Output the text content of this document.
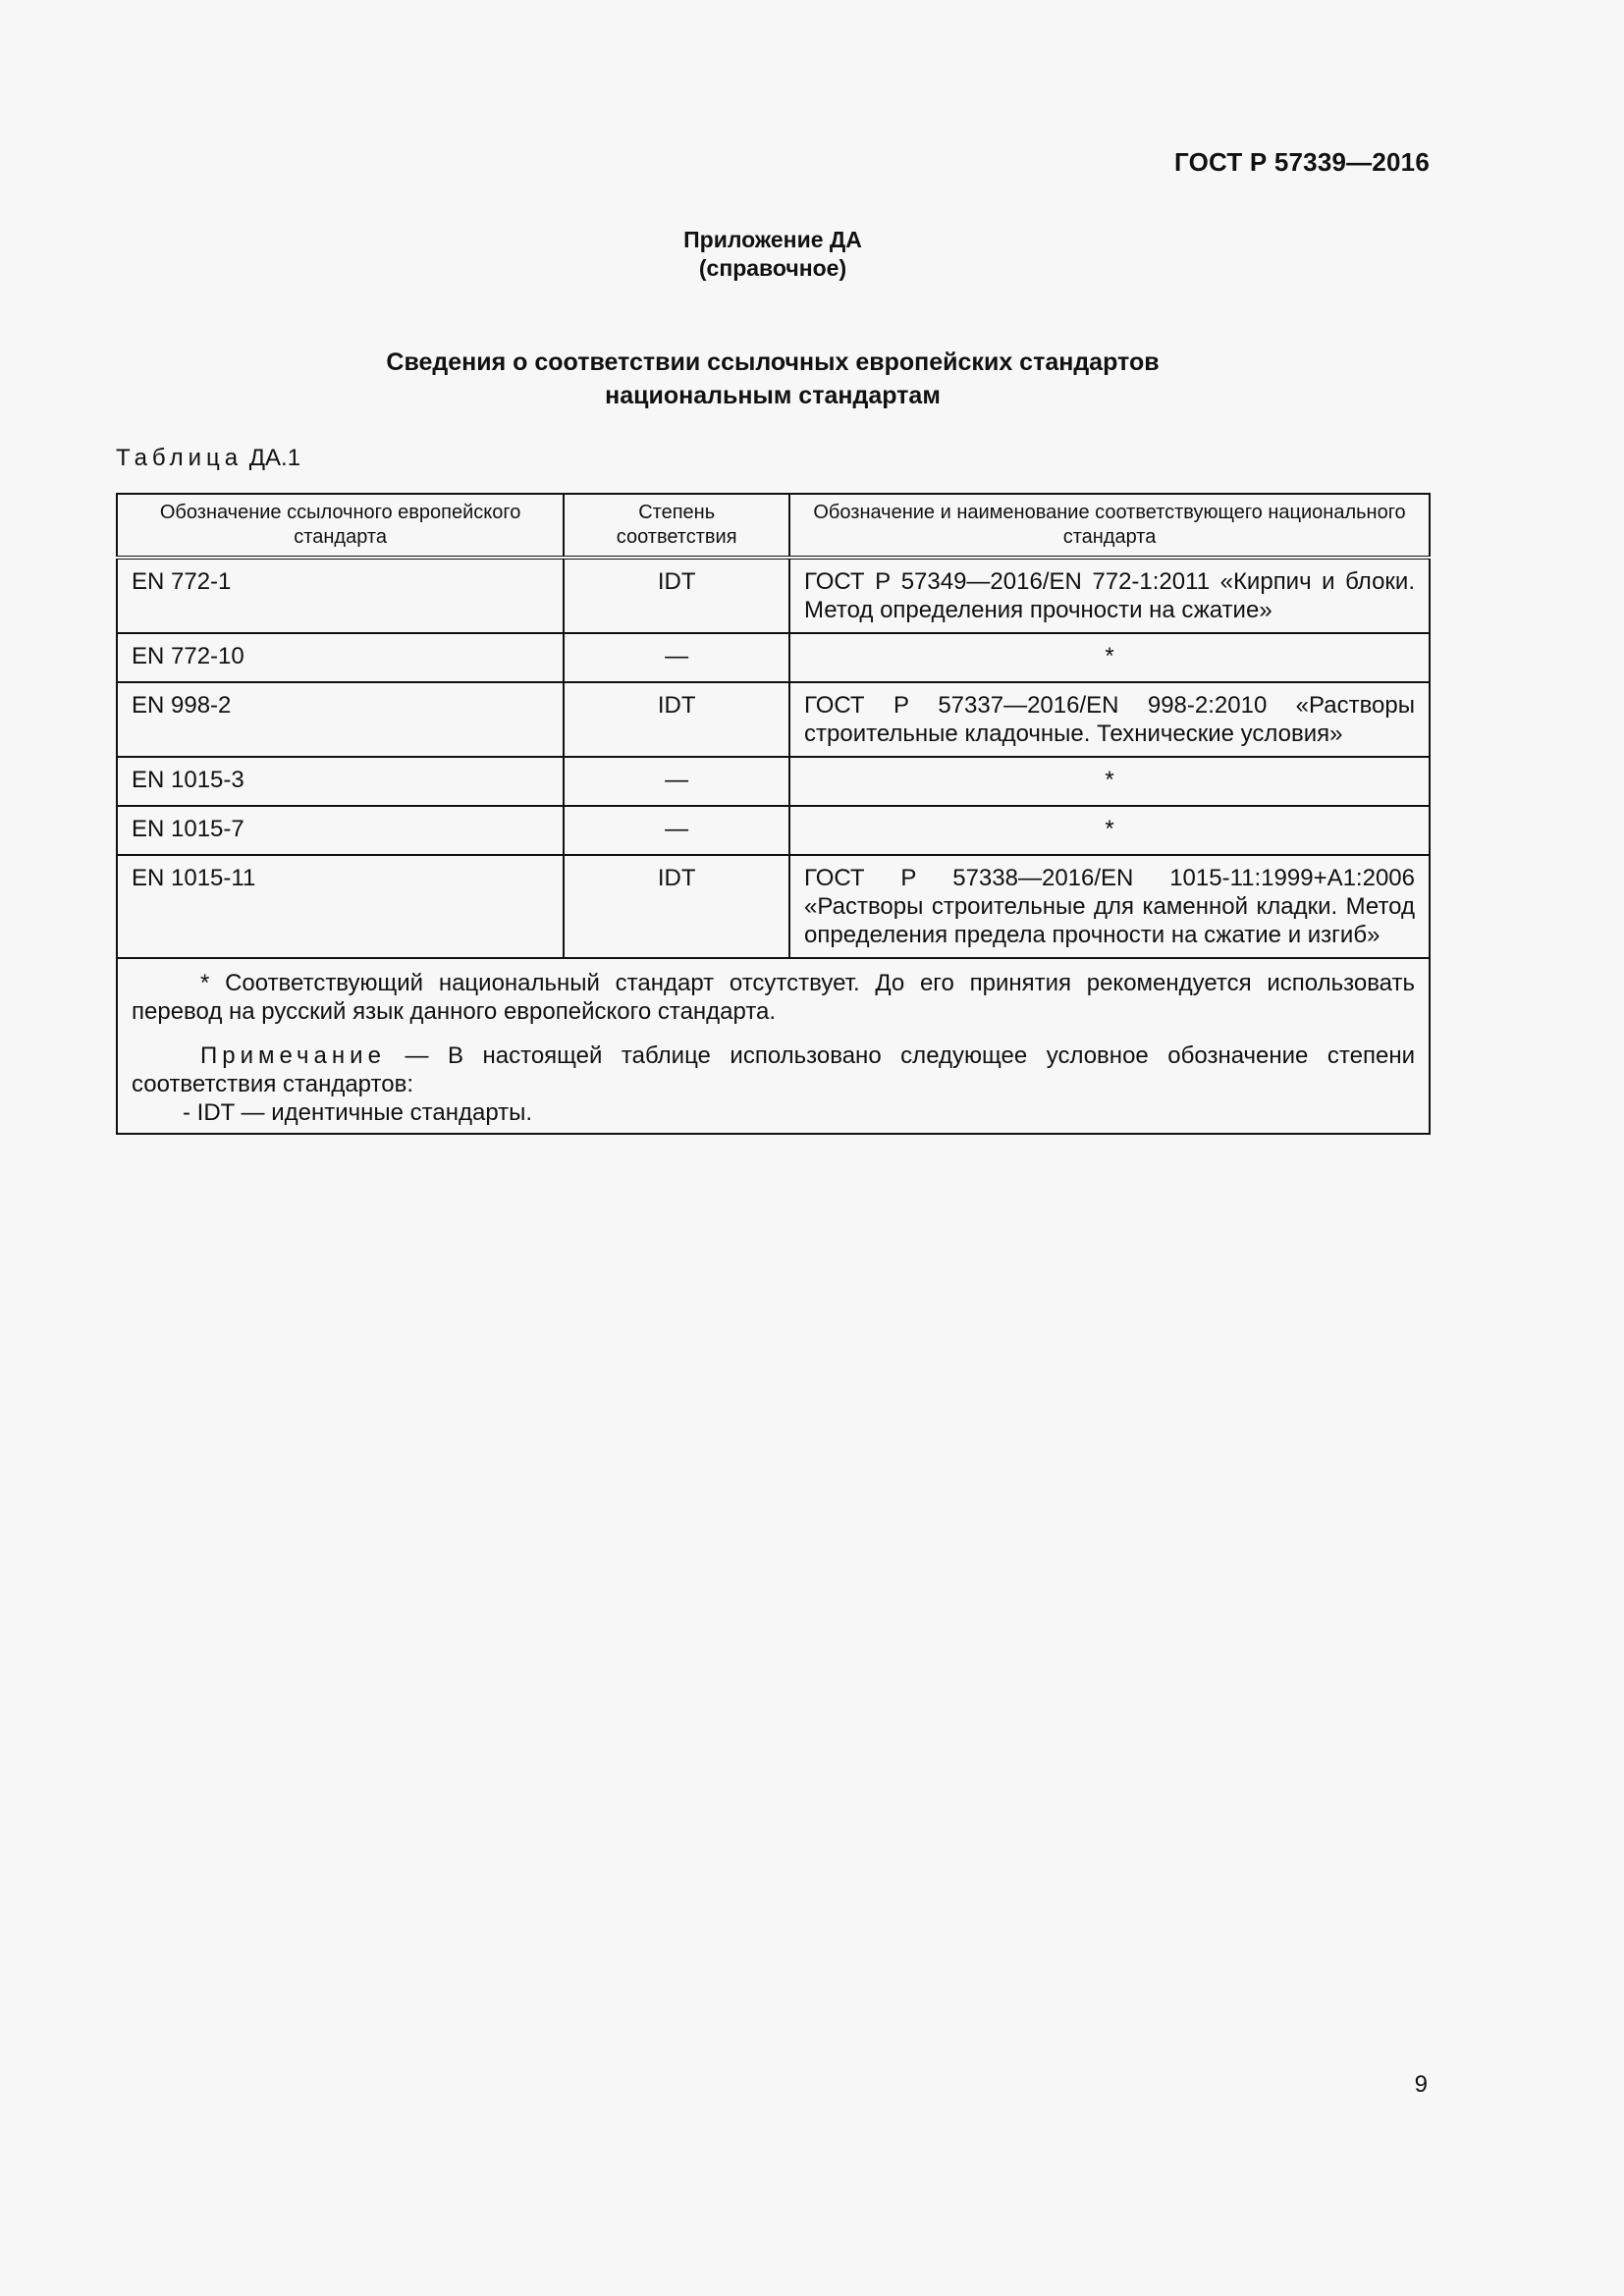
ГОСТ Р 57339—2016
Приложение ДА
(справочное)
Сведения о соответствии ссылочных европейских стандартов
национальным стандартам
Таблица ДА.1
Обозначение ссылочного европейского стандарта	Степень соответствия	Обозначение и наименование соответствующего национального стандарта
EN 772-1	IDT	ГОСТ Р 57349—2016/EN 772-1:2011 «Кирпич и блоки. Метод определения прочности на сжатие»
EN 772-10	—	*
EN 998-2	IDT	ГОСТ Р 57337—2016/EN 998-2:2010 «Растворы строительные кладочные. Технические условия»
EN 1015-3	—	*
EN 1015-7	—	*
EN 1015-11	IDT	ГОСТ Р 57338—2016/EN 1015-11:1999+A1:2006 «Растворы строительные для каменной кладки. Метод определения предела прочности на сжатие и изгиб»

* Соответствующий национальный стандарт отсутствует. До его принятия рекомендуется использовать перевод на русский язык данного европейского стандарта.

Примечание — В настоящей таблице использовано следующее условное обозначение степени соответствия стандартов:

- IDT — идентичные стандарты.		

9
